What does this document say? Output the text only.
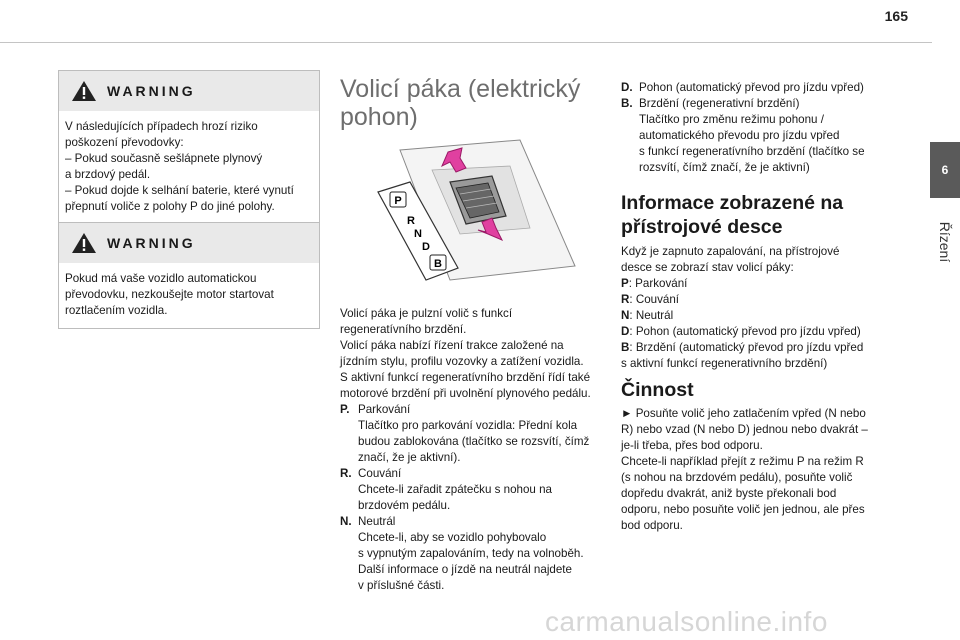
165
6
Řízení
WARNING

V následujících případech hrozí riziko

poškození převodovky:

– Pokud současně sešlápnete plynový

a brzdový pedál.

– Pokud dojde k selhání baterie, které vynutí

přepnutí voliče z polohy P do jiné polohy.

WARNING

Pokud má vaše vozidlo automatickou

převodovku, nezkoušejte motor startovat

roztlačením vozidla.

Volicí páka (elektrický

pohon)

P
R
N
D
B

Volicí páka je pulzní volič s funkcí

regeneratívního brzdění.

Volicí páka nabízí řízení trakce založené na

jízdním stylu, profilu vozovky a zatížení vozidla.

S aktivní funkcí regeneratívního brzdění řídí také

motorové brzdění při uvolnění plynového pedálu.

P. Parkování
Tlačítko pro parkování vozidla: Přední kola
budou zablokována (tlačítko se rozsvítí, čímž
značí, že je aktivní).
R. Couvání
Chcete-li zařadit zpátečku s nohou na
brzdovém pedálu.
N. Neutrál
Chcete-li, aby se vozidlo pohybovalo
s vypnutým zapalováním, tedy na volnoběh.
Další informace o jízdě na neutrál najdete
v příslušné části.
D. Pohon (automatický převod pro jízdu vpřed)
B. Brzdění (regenerativní brzdění)
Tlačítko pro změnu režimu pohonu /
automatického převodu pro jízdu vpřed
s funkcí regeneratívního brzdění (tlačítko se
rozsvítí, čímž značí, že je aktivní)

Informace zobrazené na

přístrojové desce

Když je zapnuto zapalování, na přístrojové

desce se zobrazí stav volicí páky:

P: Parkování

R: Couvání

N: Neutrál

D: Pohon (automatický převod pro jízdu vpřed)

B: Brzdění (automatický převod pro jízdu vpřed

s aktivní funkcí regenerativního brzdění)

Činnost

► Posuňte volič jeho zatlačením vpřed (N nebo

R) nebo vzad (N nebo D) jednou nebo dvakrát –

je-li třeba, přes bod odporu.

Chcete-li například přejít z režimu P na režim R

(s nohou na brzdovém pedálu), posuňte volič

dopředu dvakrát, aniž byste překonali bod

odporu, nebo posuňte volič jen jednou, ale přes

bod odporu.

carmanualsonline.info
